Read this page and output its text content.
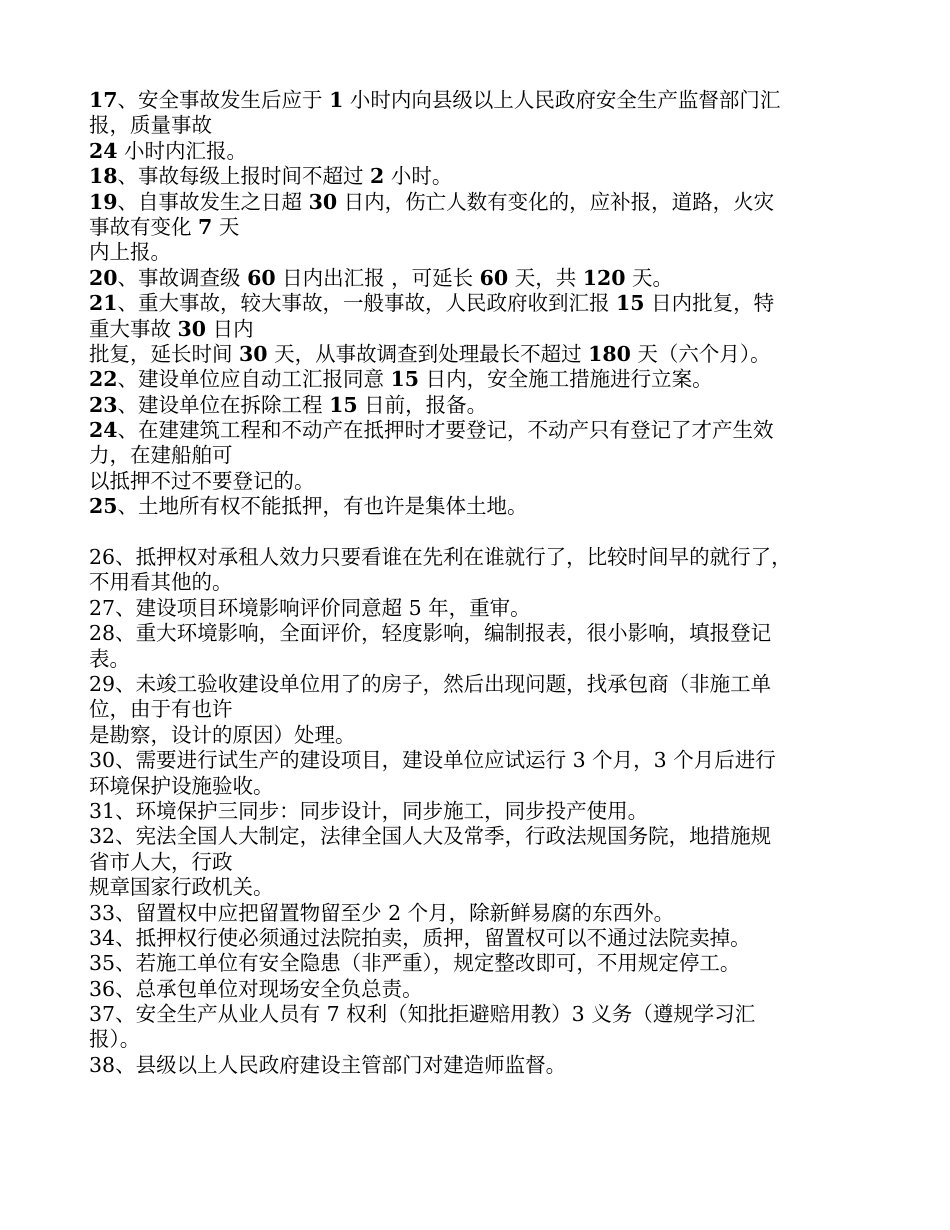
17、安全事故发生后应于 1 小时内向县级以上人民政府安全生产监督部门汇
报，质量事故
24 小时内汇报。
18、事故每级上报时间不超过 2 小时。
19、自事故发生之日超 30 日内，伤亡人数有变化的，应补报，道路，火灾
事故有变化 7 天
内上报。
20、事故调查级 60 日内出汇报 ，可延长 60 天，共 120 天。
21、重大事故，较大事故，一般事故，人民政府收到汇报 15 日内批复，特
重大事故 30 日内
批复，延长时间 30 天，从事故调查到处理最长不超过 180 天（六个月）。
22、建设单位应自动工汇报同意 15 日内，安全施工措施进行立案。
23、建设单位在拆除工程 15 日前，报备。
24、在建建筑工程和不动产在抵押时才要登记，不动产只有登记了才产生效
力，在建船舶可
以抵押不过不要登记的。
25、土地所有权不能抵押，有也许是集体土地。
26、抵押权对承租人效力只要看谁在先利在谁就行了，比较时间早的就行了，
不用看其他的。
27、建设项目环境影响评价同意超 5 年，重审。
28、重大环境影响，全面评价，轻度影响，编制报表，很小影响，填报登记
表。
29、未竣工验收建设单位用了的房子，然后出现问题，找承包商（非施工单
位，由于有也许
是勘察，设计的原因）处理。
30、需要进行试生产的建设项目，建设单位应试运行 3 个月，3 个月后进行
环境保护设施验收。
31、环境保护三同步：同步设计，同步施工，同步投产使用。
32、宪法全国人大制定，法律全国人大及常季，行政法规国务院，地措施规
省市人大，行政
规章国家行政机关。
33、留置权中应把留置物留至少 2 个月，除新鲜易腐的东西外。
34、抵押权行使必须通过法院拍卖，质押，留置权可以不通过法院卖掉。
35、若施工单位有安全隐患（非严重），规定整改即可，不用规定停工。
36、总承包单位对现场安全负总责。
37、安全生产从业人员有 7 权利（知批拒避赔用教）3 义务（遵规学习汇
报）。
38、县级以上人民政府建设主管部门对建造师监督。
